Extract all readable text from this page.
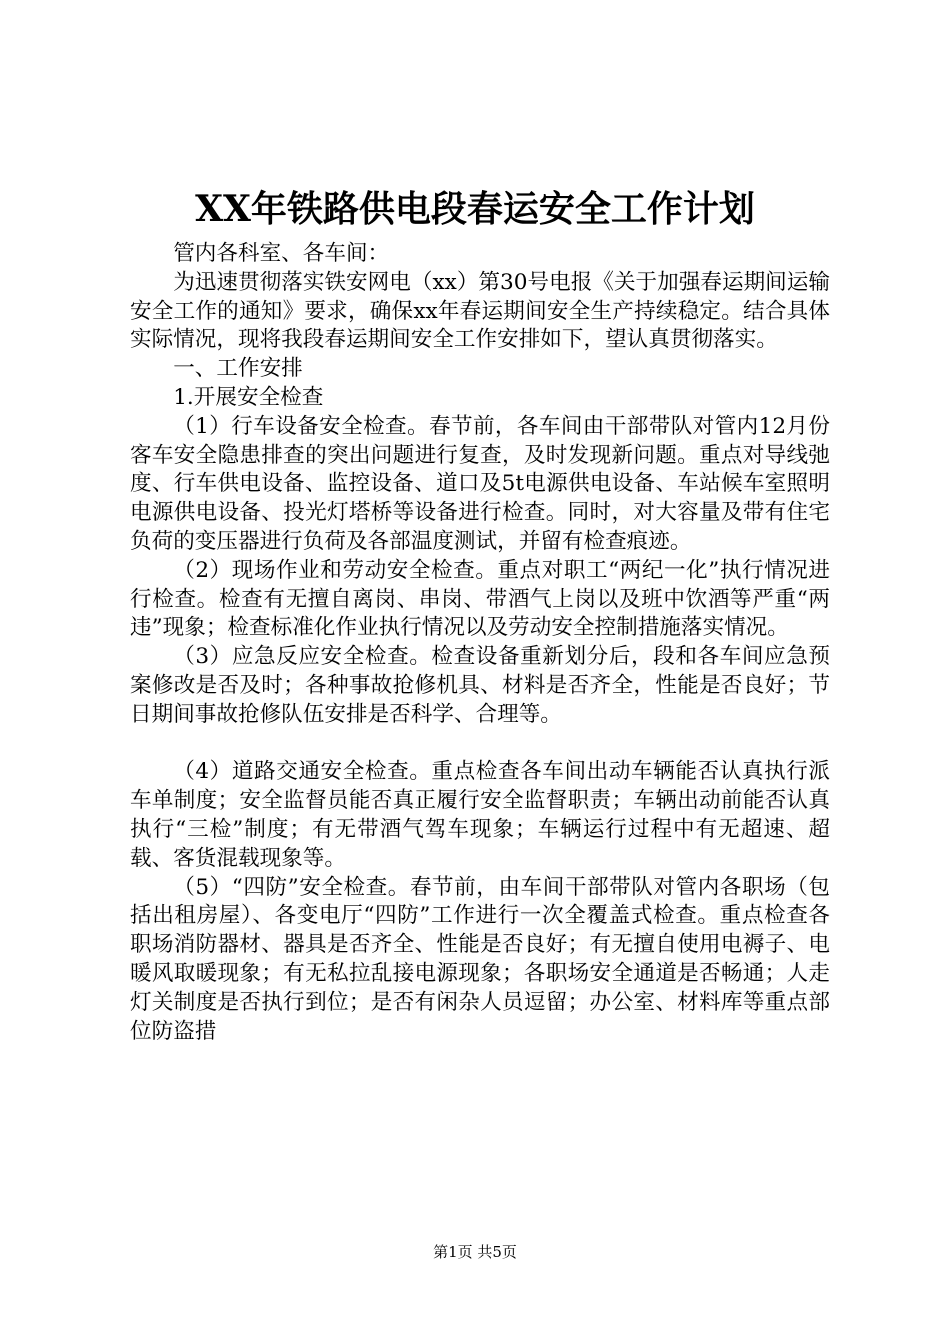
XX年铁路供电段春运安全工作计划

管内各科室、各车间：

为迅速贯彻落实铁安网电（xx）第30号电报《关于加强春运期间运输安全工作的通知》要求，确保xx年春运期间安全生产持续稳定。结合具体实际情况，现将我段春运期间安全工作安排如下，望认真贯彻落实。

一、工作安排

1.开展安全检查

（1）行车设备安全检查。春节前，各车间由干部带队对管内12月份客车安全隐患排查的突出问题进行复查，及时发现新问题。重点对导线弛度、行车供电设备、监控设备、道口及5t电源供电设备、车站候车室照明电源供电设备、投光灯塔桥等设备进行检查。同时，对大容量及带有住宅负荷的变压器进行负荷及各部温度测试，并留有检查痕迹。

（2）现场作业和劳动安全检查。重点对职工“两纪一化”执行情况进行检查。检查有无擅自离岗、串岗、带酒气上岗以及班中饮酒等严重“两违”现象；检查标准化作业执行情况以及劳动安全控制措施落实情况。

（3）应急反应安全检查。检查设备重新划分后，段和各车间应急预案修改是否及时；各种事故抢修机具、材料是否齐全，性能是否良好；节日期间事故抢修队伍安排是否科学、合理等。

（4）道路交通安全检查。重点检查各车间出动车辆能否认真执行派车单制度；安全监督员能否真正履行安全监督职责；车辆出动前能否认真执行“三检”制度；有无带酒气驾车现象；车辆运行过程中有无超速、超载、客货混载现象等。

（5）“四防”安全检查。春节前，由车间干部带队对管内各职场（包括出租房屋）、各变电厅“四防”工作进行一次全覆盖式检查。重点检查各职场消防器材、器具是否齐全、性能是否良好；有无擅自使用电褥子、电暖风取暖现象；有无私拉乱接电源现象；各职场安全通道是否畅通；人走灯关制度是否执行到位；是否有闲杂人员逗留；办公室、材料库等重点部位防盗措

第1页 共5页
